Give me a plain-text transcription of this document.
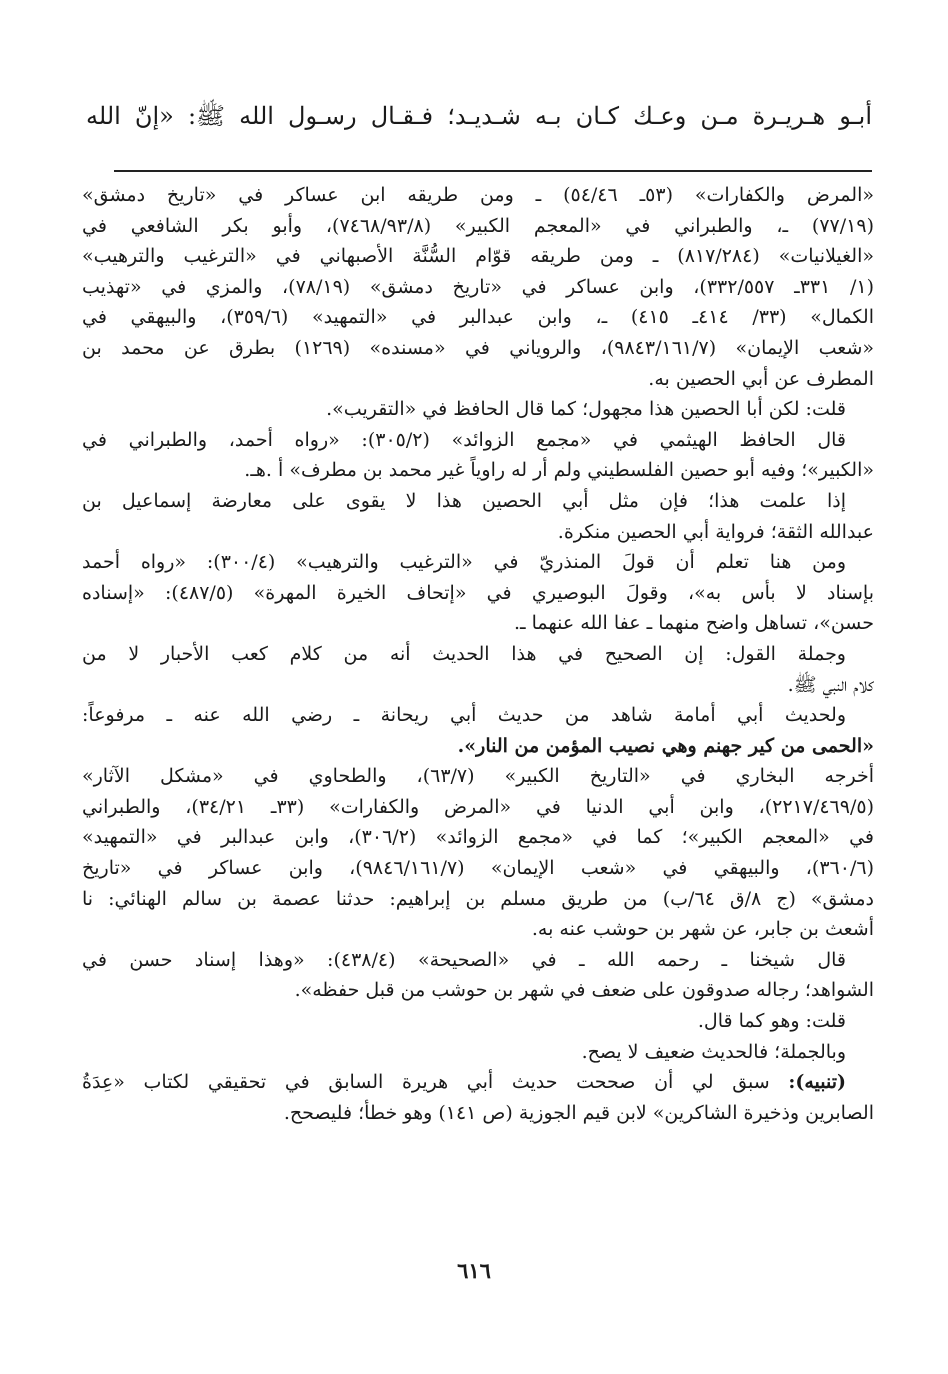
أبـو هـريـرة مـن وعـك كـان بـه شـديـد؛ فـقـال رسـول الله ﷺ: «إنّ الله

«المرض والكفارات» (٥٣ـ ٥٤/٤٦) ـ ومن طريقه ابن عساكر في «تاريخ دمشق»
(٧٧/١٩) ـ، والطبراني في «المعجم الكبير» (٧٤٦٨/٩٣/٨)، وأبو بكر الشافعي في
«الغيلانيات» (٨١٧/٢٨٤) ـ ومن طريقه قوّام السُّنَّة الأصبهاني في «الترغيب والترهيب»
(١/ ٣٣١ـ ٣٣٢/٥٥٧)، وابن عساكر في «تاريخ دمشق» (٧٨/١٩)، والمزي في «تهذيب
الكمال» (٣٣/ ٤١٤ـ ٤١٥) ـ، وابن عبدالبر في «التمهيد» (٣٥٩/٦)، والبيهقي في
«شعب الإيمان» (٩٨٤٣/١٦١/٧)، والروياني في «مسنده» (١٢٦٩) بطرق عن محمد بن
المطرف عن أبي الحصين به.

قلت: لكن أبا الحصين هذا مجهول؛ كما قال الحافظ في «التقريب».

قال الحافظ الهيثمي في «مجمع الزوائد» (٣٠٥/٢): «رواه أحمد، والطبراني في
«الكبير»؛ وفيه أبو حصين الفلسطيني ولم أر له راوياً غير محمد بن مطرف» أ .هـ.

إذا علمت هذا؛ فإن مثل أبي الحصين هذا لا يقوى على معارضة إسماعيل بن
عبدالله الثقة؛ فرواية أبي الحصين منكرة.

ومن هنا تعلم أن قولَ المنذريّ في «الترغيب والترهيب» (٣٠٠/٤): «رواه أحمد
بإسناد لا بأس به»، وقولَ البوصيري في «إتحاف الخيرة المهرة» (٤٨٧/٥): «إسناده
حسن»، تساهل واضح منهما ـ عفا الله عنهما ـ.

وجملة القول: إن الصحيح في هذا الحديث أنه من كلام كعب الأحبار لا من
كلام النبي ﷺ.

ولحديث أبي أمامة شاهد من حديث أبي ريحانة ـ رضي الله عنه ـ مرفوعاً:
«الحمى من كير جهنم وهي نصيب المؤمن من النار».

أخرجه البخاري في «التاريخ الكبير» (٦٣/٧)، والطحاوي في «مشكل الآثار»
(٢٢١٧/٤٦٩/٥)، وابن أبي الدنيا في «المرض والكفارات» (٣٣ـ ٣٤/٢١)، والطبراني
في «المعجم الكبير»؛ كما في «مجمع الزوائد» (٣٠٦/٢)، وابن عبدالبر في «التمهيد»
(٣٦٠/٦)، والبيهقي في «شعب الإيمان» (٩٨٤٦/١٦١/٧)، وابن عساكر في «تاريخ
دمشق» (ج ٨/ق ٦٤/ب) من طريق مسلم بن إبراهيم: حدثنا عصمة بن سالم الهنائي: نا
أشعث بن جابر، عن شهر بن حوشب عنه به.

قال شيخنا ـ رحمه الله ـ في «الصحيحة» (٤٣٨/٤): «وهذا إسناد حسن في
الشواهد؛ رجاله صدوقون على ضعف في شهر بن حوشب من قبل حفظه».

قلت: وهو كما قال.

وبالجملة؛ فالحديث ضعيف لا يصح.

(تنبيه): سبق لي أن صححت حديث أبي هريرة السابق في تحقيقي لكتاب «عِدَةُ
الصابرين وذخيرة الشاكرين» لابن قيم الجوزية (ص ١٤١) وهو خطأ؛ فليصحح.

٦١٦
